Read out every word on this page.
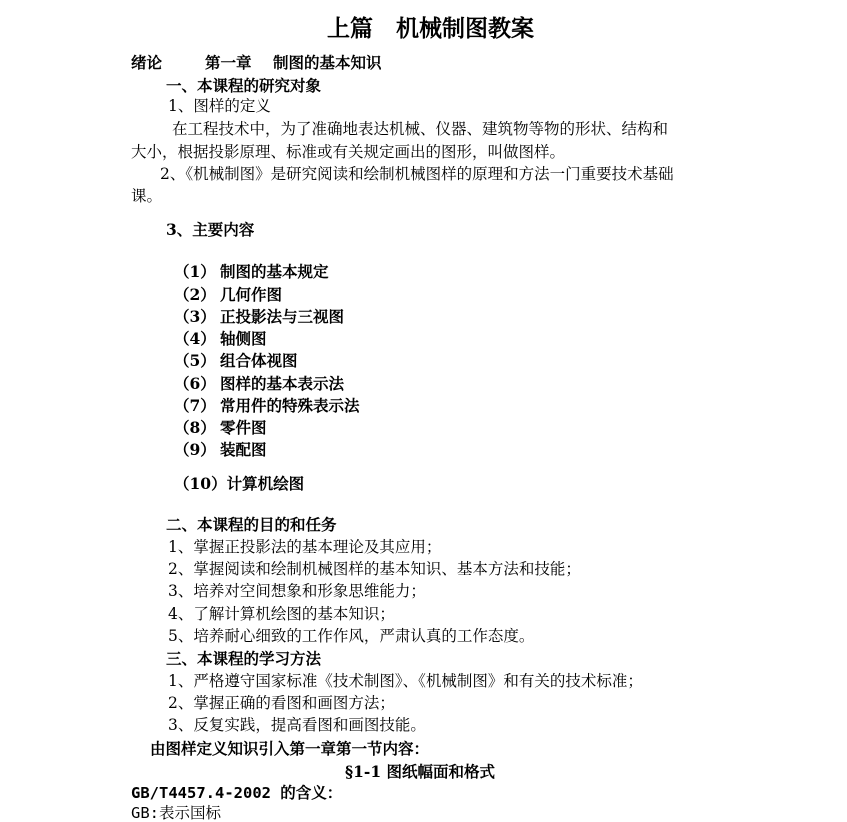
上篇　机械制图教案
绪论	第一章 制图的基本知识
一、本课程的研究对象
1、图样的定义
在工程技术中，为了准确地表达机械、仪器、建筑物等物的形状、结构和
大小，根据投影原理、标准或有关规定画出的图形，叫做图样。
2、《机械制图》是研究阅读和绘制机械图样的原理和方法一门重要技术基础
课。
3、主要内容
（1） 制图的基本规定
（2） 几何作图
（3） 正投影法与三视图
（4） 轴侧图
（5） 组合体视图
（6） 图样的基本表示法
（7） 常用件的特殊表示法
（8） 零件图
（9） 装配图
（10）计算机绘图
二、本课程的目的和任务
1、掌握正投影法的基本理论及其应用；
2、掌握阅读和绘制机械图样的基本知识、基本方法和技能；
3、培养对空间想象和形象思维能力；
4、了解计算机绘图的基本知识；
5、培养耐心细致的工作作风，严肃认真的工作态度。
三、本课程的学习方法
1、严格遵守国家标准《技术制图》、《机械制图》和有关的技术标准；
2、掌握正确的看图和画图方法；
3、反复实践，提高看图和画图技能。
由图样定义知识引入第一章第一节内容：
§1-1 图纸幅面和格式
GB/T4457.4-2002 的含义：
GB:表示国标
